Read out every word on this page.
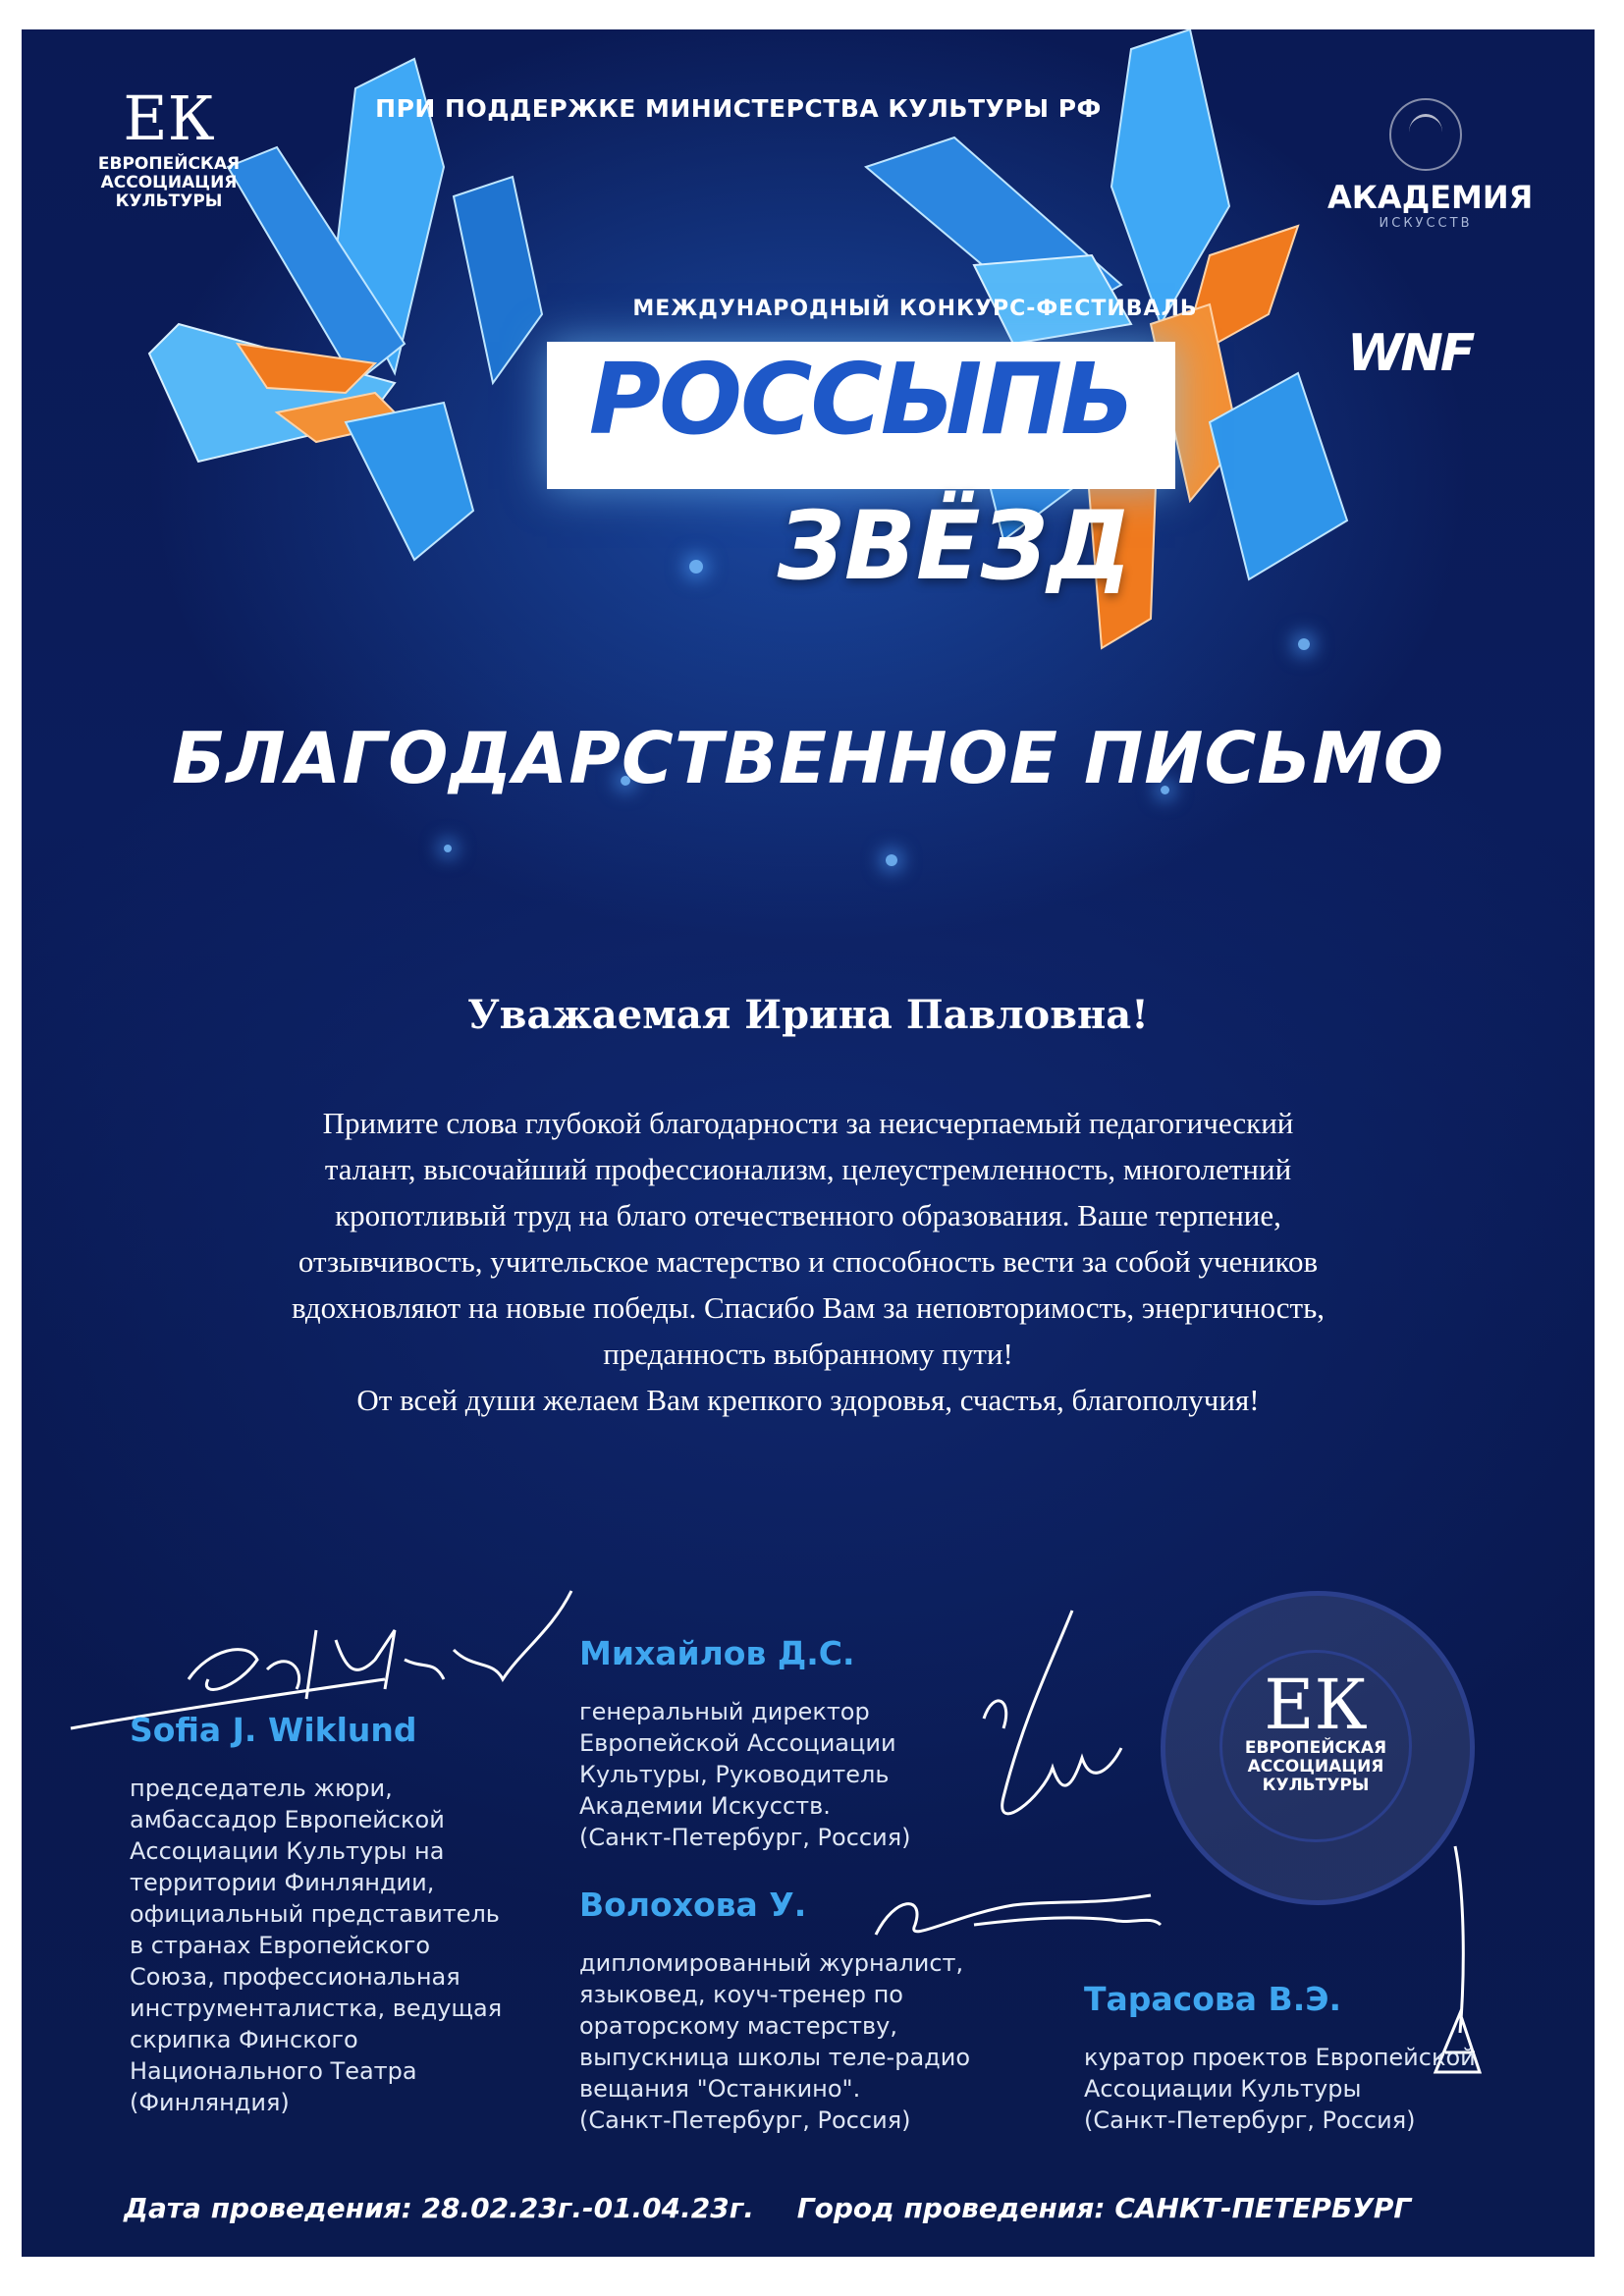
ЕК
ЕВРОПЕЙСКАЯ АССОЦИАЦИЯ КУЛЬТУРЫ
ПРИ ПОДДЕРЖКЕ МИНИСТЕРСТВА КУЛЬТУРЫ РФ
АКАДЕМИЯ
ИСКУССТВ
WNF
МЕЖДУНАРОДНЫЙ КОНКУРС-ФЕСТИВАЛЬ
РОССЫПЬ
ЗВЁЗД
БЛАГОДАРСТВЕННОЕ ПИСЬМО
Уважаемая Ирина Павловна!

Примите слова глубокой благодарности за неисчерпаемый педагогический

талант, высочайший профессионализм, целеустремленность, многолетний

кропотливый труд на благо отечественного образования. Ваше терпение,

отзывчивость, учительское мастерство и способность вести за собой учеников

вдохновляют на новые победы. Спасибо Вам за неповторимость, энергичность,

преданность выбранному пути!

От всей души желаем Вам крепкого здоровья, счастья, благополучия!

Sofia J. Wiklund
председатель жюри,
амбассадор Европейской
Ассоциации Культуры на
территории Финляндии,
официальный представитель
в странах Европейского
Союза, профессиональная
инструменталистка, ведущая
скрипка Финского
Национального Театра
(Финляндия)
Михайлов Д.С.
генеральный директор
Европейской Ассоциации
Культуры, Руководитель
Академии Искусств.
(Санкт-Петербург, Россия)
Волохова У.
дипломированный журналист,
языковед, коуч-тренер по
ораторскому мастерству,
выпускница школы теле-радио
вещания "Останкино".
(Санкт-Петербург, Россия)
Тарасова В.Э.
куратор проектов Европейской
Ассоциации Культуры
(Санкт-Петербург, Россия)
ЕК
ЕВРОПЕЙСКАЯ АССОЦИАЦИЯ КУЛЬТУРЫ
Дата проведения: 28.02.23г.-01.04.23г. Город проведения: САНКТ-ПЕТЕРБУРГ
